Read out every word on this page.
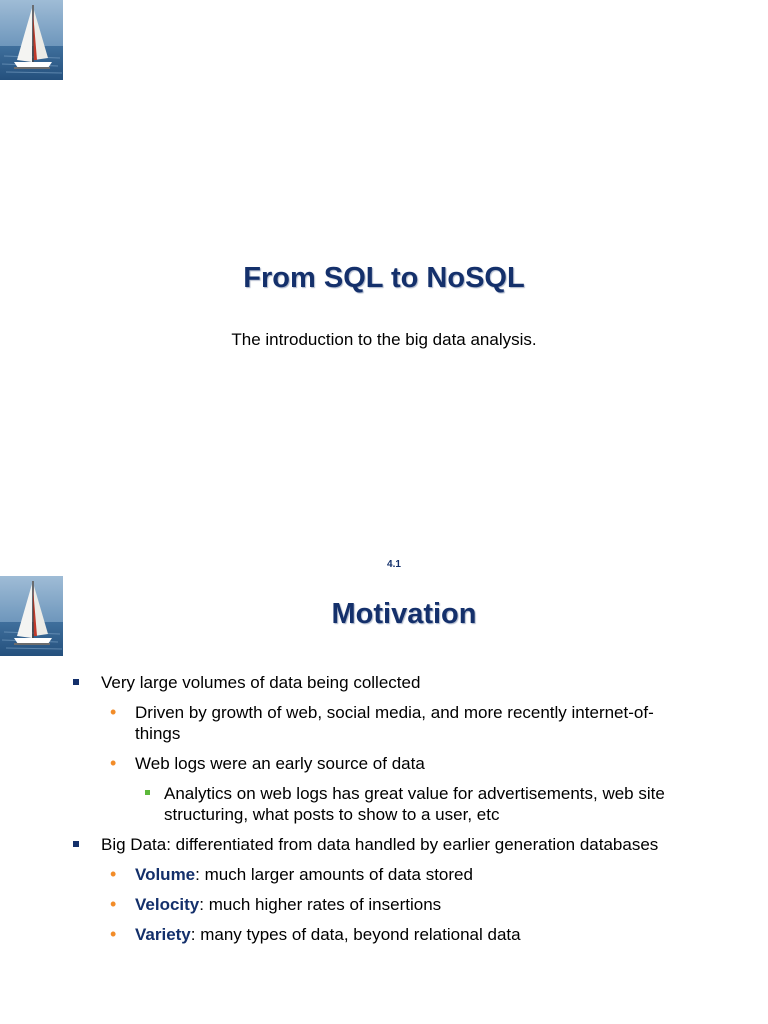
From SQL to NoSQL

The introduction to the big data analysis.

4.1
Motivation
Very large volumes of data being collected
• Driven by growth of web, social media, and more recently internet-of-things
• Web logs were an early source of data
Analytics on web logs has great value for advertisements, web site structuring, what posts to show to a user, etc
Big Data: differentiated from data handled by earlier generation databases
• Volume: much larger amounts of data stored
• Velocity: much higher rates of insertions
• Variety: many types of data, beyond relational data
